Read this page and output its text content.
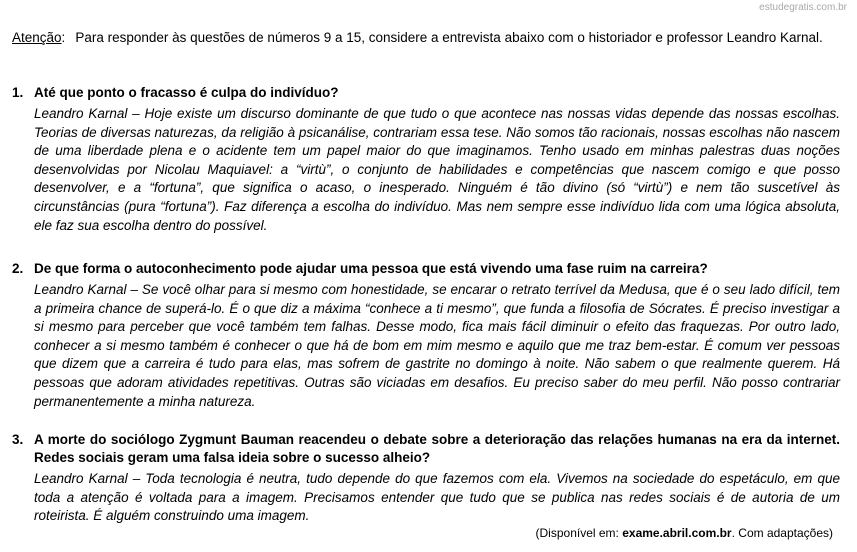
estudegratis.com.br
Atenção : Para responder às questões de números 9 a 15, considere a entrevista abaixo com o historiador e professor Leandro Karnal.
1. Até que ponto o fracasso é culpa do indivíduo?
Leandro Karnal – Hoje existe um discurso dominante de que tudo o que acontece nas nossas vidas depende das nossas escolhas. Teorias de diversas naturezas, da religião à psicanálise, contrariam essa tese. Não somos tão racionais, nossas escolhas não nascem de uma liberdade plena e o acidente tem um papel maior do que imaginamos. Tenho usado em minhas palestras duas noções desenvolvidas por Nicolau Maquiavel: a “virtù”, o conjunto de habilidades e competências que nascem comigo e que posso desenvolver, e a “fortuna”, que significa o acaso, o inesperado. Ninguém é tão divino (só “virtù”) e nem tão suscetível às circunstâncias (pura “fortuna”). Faz diferença a escolha do indivíduo. Mas nem sempre esse indivíduo lida com uma lógica absoluta, ele faz sua escolha dentro do possível.
2. De que forma o autoconhecimento pode ajudar uma pessoa que está vivendo uma fase ruim na carreira?
Leandro Karnal – Se você olhar para si mesmo com honestidade, se encarar o retrato terrível da Medusa, que é o seu lado difícil, tem a primeira chance de superá-lo. É o que diz a máxima “conhece a ti mesmo”, que funda a filosofia de Sócrates. É preciso investigar a si mesmo para perceber que você também tem falhas. Desse modo, fica mais fácil diminuir o efeito das fraquezas. Por outro lado, conhecer a si mesmo também é conhecer o que há de bom em mim mesmo e aquilo que me traz bem-estar. É comum ver pessoas que dizem que a carreira é tudo para elas, mas sofrem de gastrite no domingo à noite. Não sabem o que realmente querem. Há pessoas que adoram atividades repetitivas. Outras são viciadas em desafios. Eu preciso saber do meu perfil. Não posso contrariar permanentemente a minha natureza.
3. A morte do sociólogo Zygmunt Bauman reacendeu o debate sobre a deterioração das relações humanas na era da internet. Redes sociais geram uma falsa ideia sobre o sucesso alheio?
Leandro Karnal – Toda tecnologia é neutra, tudo depende do que fazemos com ela. Vivemos na sociedade do espetáculo, em que toda a atenção é voltada para a imagem. Precisamos entender que tudo que se publica nas redes sociais é de autoria de um roteirista. É alguém construindo uma imagem.
(Disponível em: exame.abril.com.br. Com adaptações)
